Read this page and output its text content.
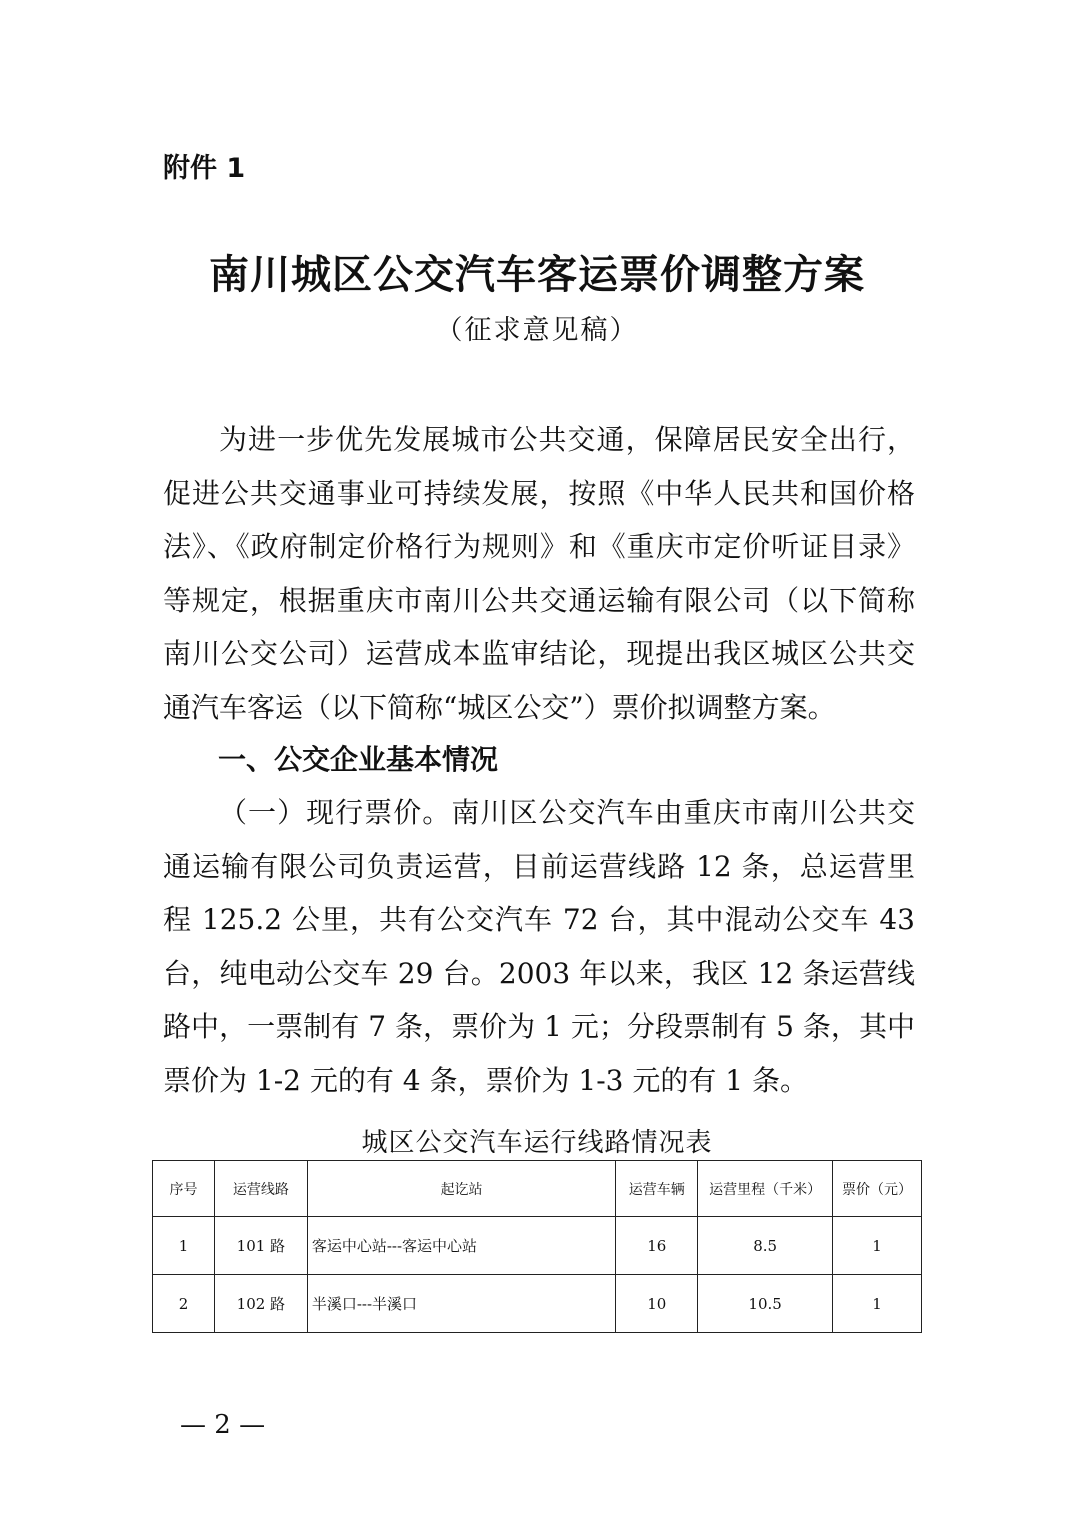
附件 1
南川城区公交汽车客运票价调整方案
（征求意见稿）

为进一步优先发展城市公共交通，保障居民安全出行，促进公共交通事业可持续发展，按照《中华人民共和国价格法》、《政府制定价格行为规则》和《重庆市定价听证目录》等规定，根据重庆市南川公共交通运输有限公司（以下简称南川公交公司）运营成本监审结论，现提出我区城区公共交通汽车客运（以下简称“城区公交”）票价拟调整方案。

一、公交企业基本情况

（一）现行票价。南川区公交汽车由重庆市南川公共交通运输有限公司负责运营，目前运营线路 12 条，总运营里程 125.2 公里，共有公交汽车 72 台，其中混动公交车 43 台，纯电动公交车 29 台。2003 年以来，我区 12 条运营线路中，一票制有 7 条，票价为 1 元；分段票制有 5 条，其中票价为 1-2 元的有 4 条，票价为 1-3 元的有 1 条。

城区公交汽车运行线路情况表
序号	运营线路	起讫站	运营车辆	运营里程（千米）	票价（元）
1	101 路	客运中心站---客运中心站	16	8.5	1
2	102 路	半溪口---半溪口	10	10.5	1
— 2 —
